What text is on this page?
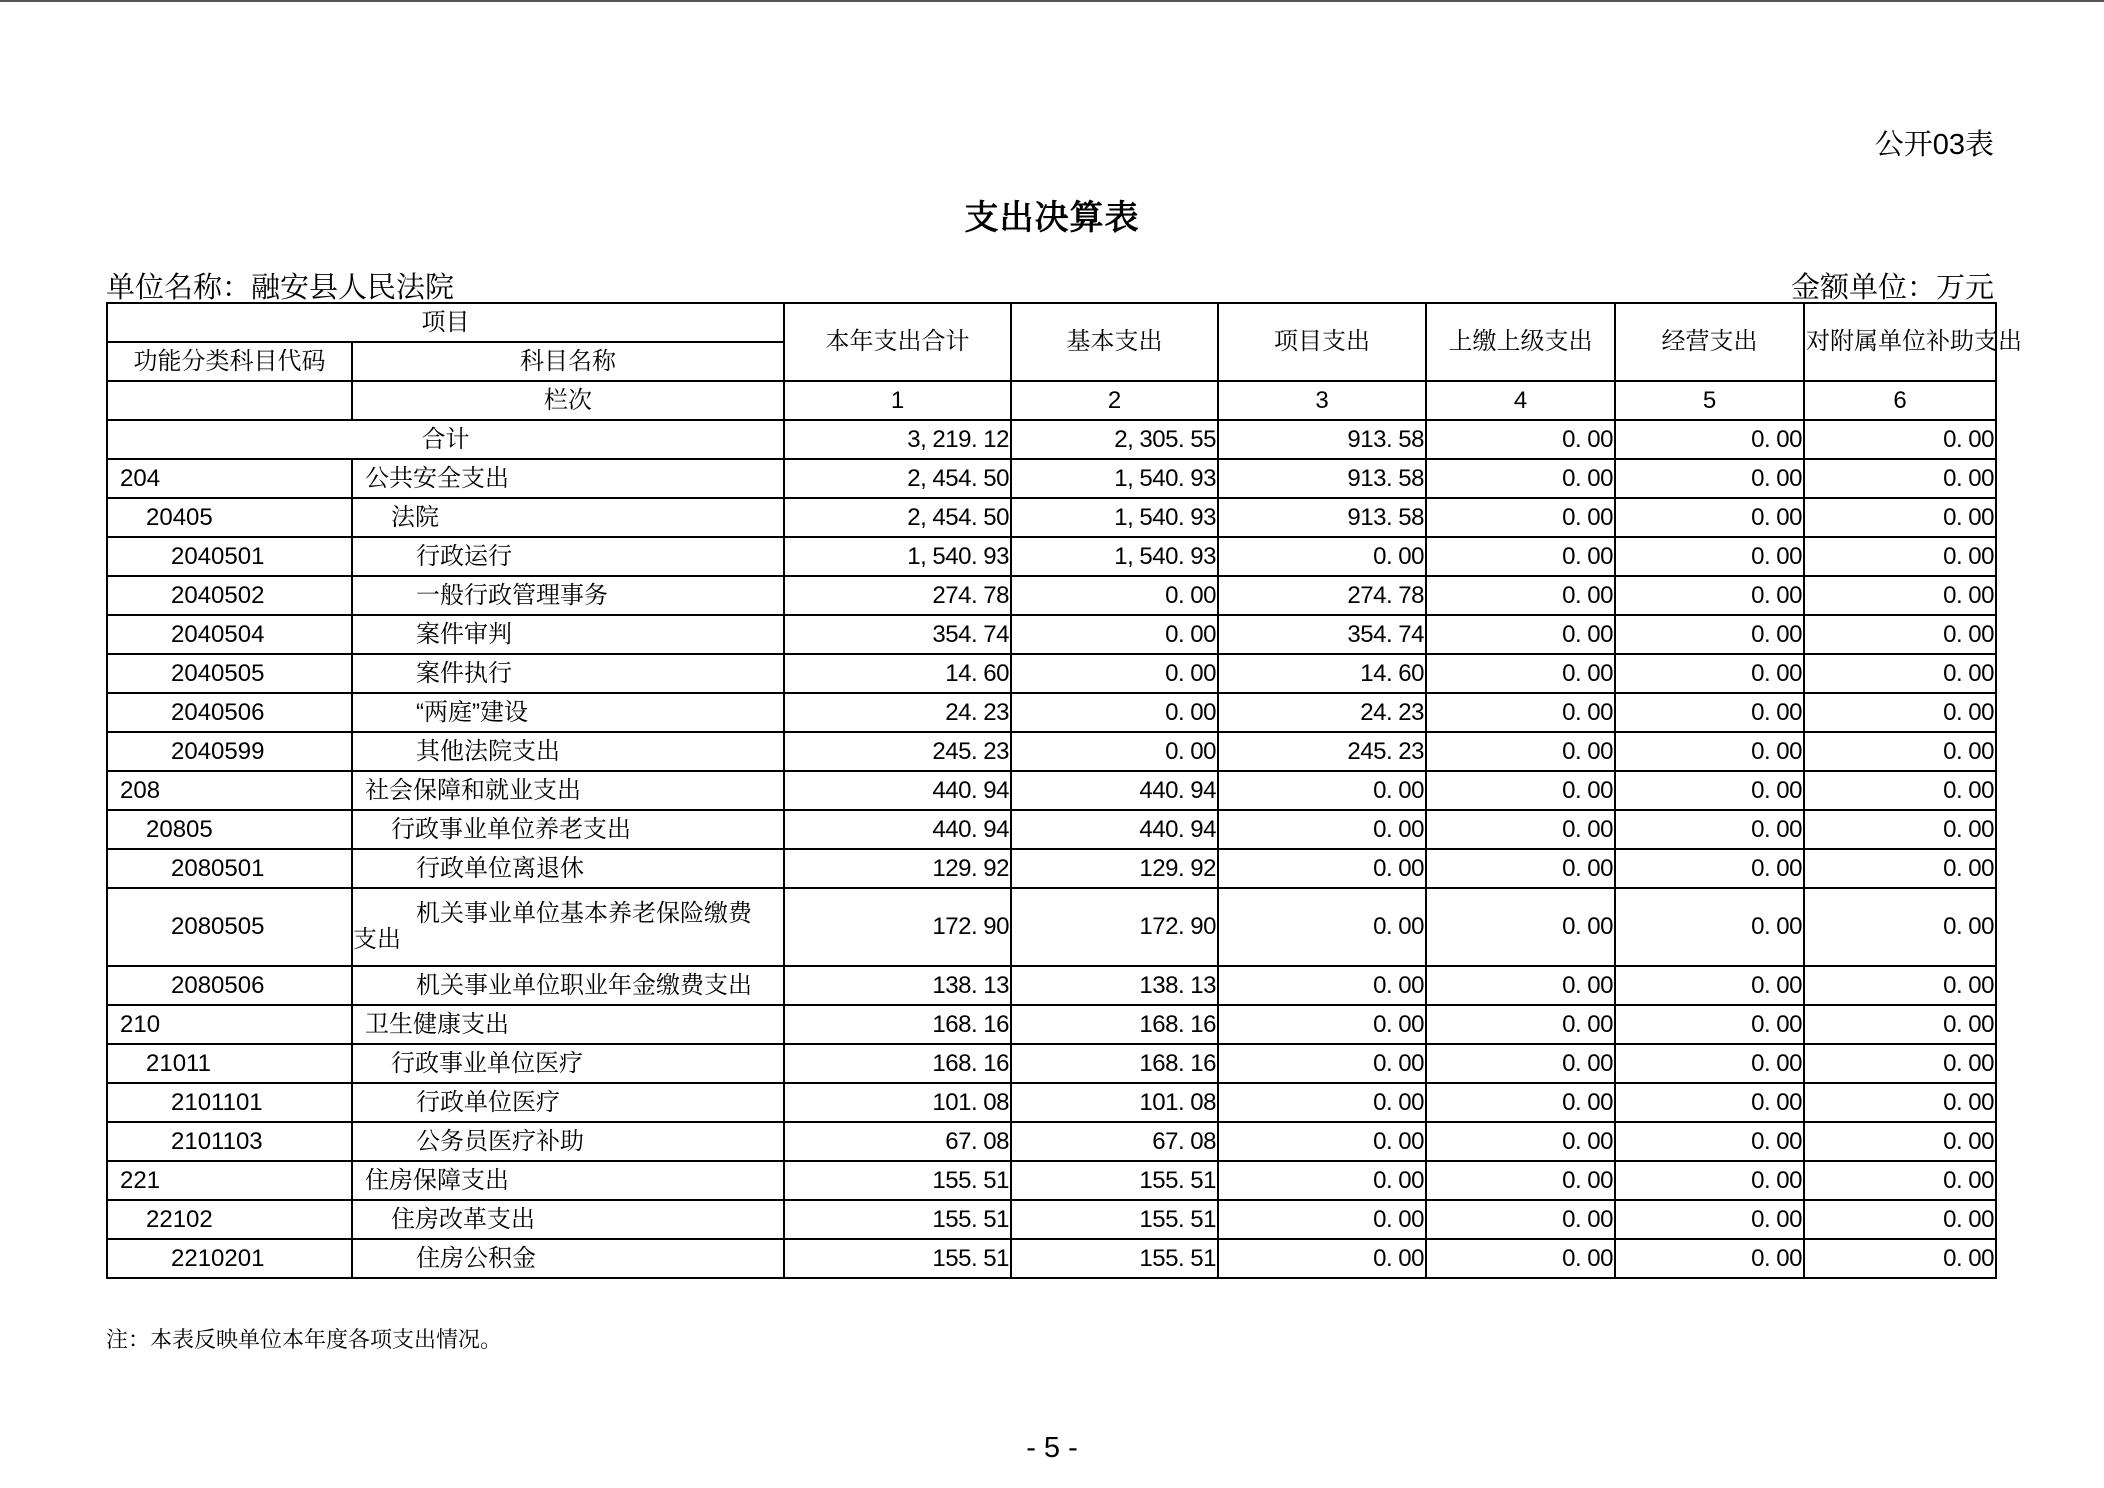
公开03表
支出决算表
单位名称：融安县人民法院	金额单位：万元
项目		本年支出合计	基本支出	项目支出	上缴上级支出	经营支出	对附属单位补助支出
功能分类科目代码	科目名称						
	栏次	1	2	3	4	5	6
合计		3, 219. 12	2, 305. 55	913. 58	0. 00	0. 00	0. 00
204	公共安全支出	2, 454. 50	1, 540. 93	913. 58	0. 00	0. 00	0. 00
20405	法院	2, 454. 50	1, 540. 93	913. 58	0. 00	0. 00	0. 00
2040501	行政运行	1, 540. 93	1, 540. 93	0. 00	0. 00	0. 00	0. 00
2040502	一般行政管理事务	274. 78	0. 00	274. 78	0. 00	0. 00	0. 00
2040504	案件审判	354. 74	0. 00	354. 74	0. 00	0. 00	0. 00
2040505	案件执行	14. 60	0. 00	14. 60	0. 00	0. 00	0. 00
2040506	“两庭”建设	24. 23	0. 00	24. 23	0. 00	0. 00	0. 00
2040599	其他法院支出	245. 23	0. 00	245. 23	0. 00	0. 00	0. 00
208	社会保障和就业支出	440. 94	440. 94	0. 00	0. 00	0. 00	0. 00
20805	行政事业单位养老支出	440. 94	440. 94	0. 00	0. 00	0. 00	0. 00
2080501	行政单位离退休	129. 92	129. 92	0. 00	0. 00	0. 00	0. 00
2080505	机关事业单位基本养老保险缴费
支出	172. 90	172. 90	0. 00	0. 00	0. 00	0. 00
2080506	机关事业单位职业年金缴费支出	138. 13	138. 13	0. 00	0. 00	0. 00	0. 00
210	卫生健康支出	168. 16	168. 16	0. 00	0. 00	0. 00	0. 00
21011	行政事业单位医疗	168. 16	168. 16	0. 00	0. 00	0. 00	0. 00
2101101	行政单位医疗	101. 08	101. 08	0. 00	0. 00	0. 00	0. 00
2101103	公务员医疗补助	67. 08	67. 08	0. 00	0. 00	0. 00	0. 00
221	住房保障支出	155. 51	155. 51	0. 00	0. 00	0. 00	0. 00
22102	住房改革支出	155. 51	155. 51	0. 00	0. 00	0. 00	0. 00
2210201	住房公积金	155. 51	155. 51	0. 00	0. 00	0. 00	0. 00
注：本表反映单位本年度各项支出情况。
- 5 -
